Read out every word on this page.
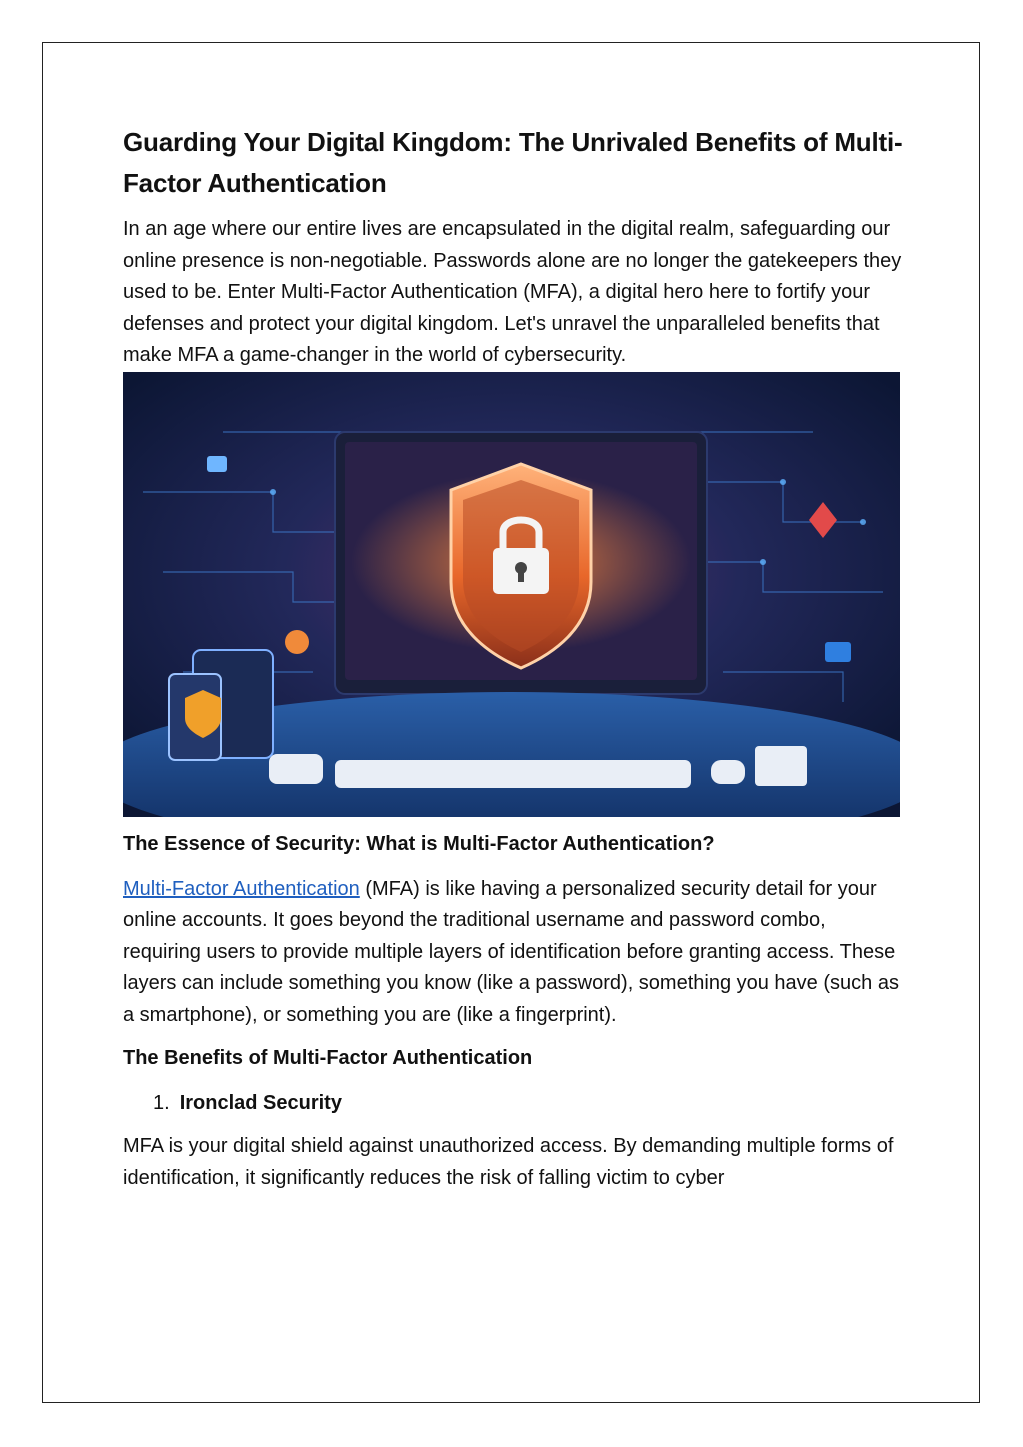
Guarding Your Digital Kingdom: The Unrivaled Benefits of Multi-Factor Authentication

In an age where our entire lives are encapsulated in the digital realm, safeguarding our online presence is non-negotiable. Passwords alone are no longer the gatekeepers they used to be. Enter Multi-Factor Authentication (MFA), a digital hero here to fortify your defenses and protect your digital kingdom. Let's unravel the unparalleled benefits that make MFA a game-changer in the world of cybersecurity.

The Essence of Security: What is Multi-Factor Authentication?

Multi-Factor Authentication (MFA) is like having a personalized security detail for your online accounts. It goes beyond the traditional username and password combo, requiring users to provide multiple layers of identification before granting access. These layers can include something you know (like a password), something you have (such as a smartphone), or something you are (like a fingerprint).

The Benefits of Multi-Factor Authentication
1. Ironclad Security

MFA is your digital shield against unauthorized access. By demanding multiple forms of identification, it significantly reduces the risk of falling victim to cyber
